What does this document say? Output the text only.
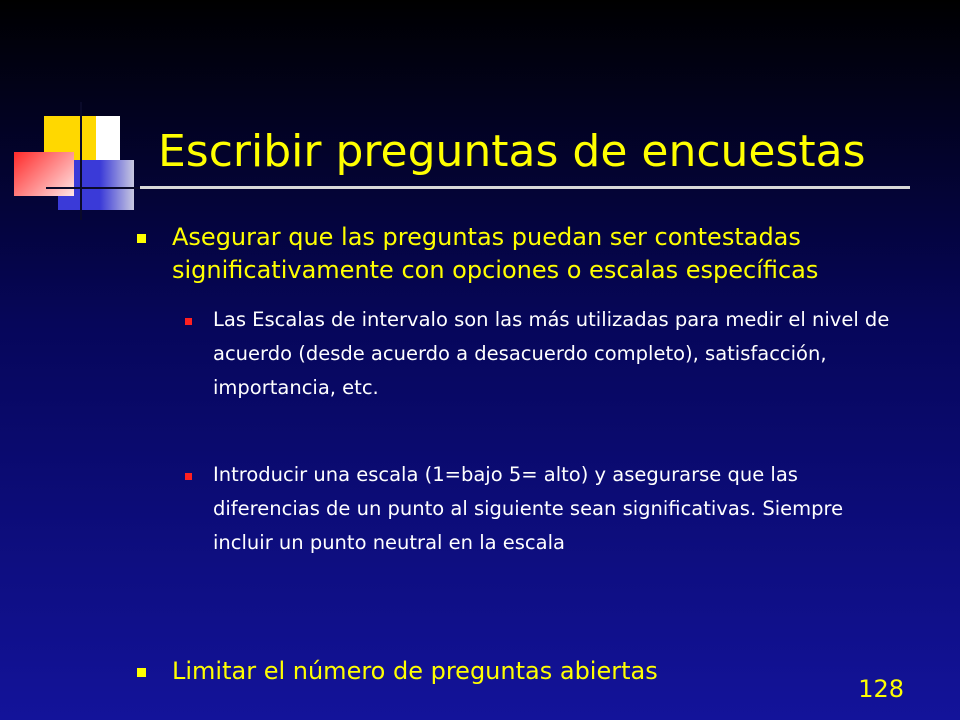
Escribir preguntas de encuestas
Asegurar que las preguntas puedan ser contestadas significativamente con opciones o escalas específicas
Las Escalas de intervalo son las más utilizadas para medir el nivel de acuerdo (desde acuerdo a desacuerdo completo), satisfacción, importancia, etc.
Introducir una escala (1=bajo 5= alto) y asegurarse que las diferencias de un punto al siguiente sean significativas. Siempre incluir un punto neutral en la escala
Limitar el número de preguntas abiertas
128
